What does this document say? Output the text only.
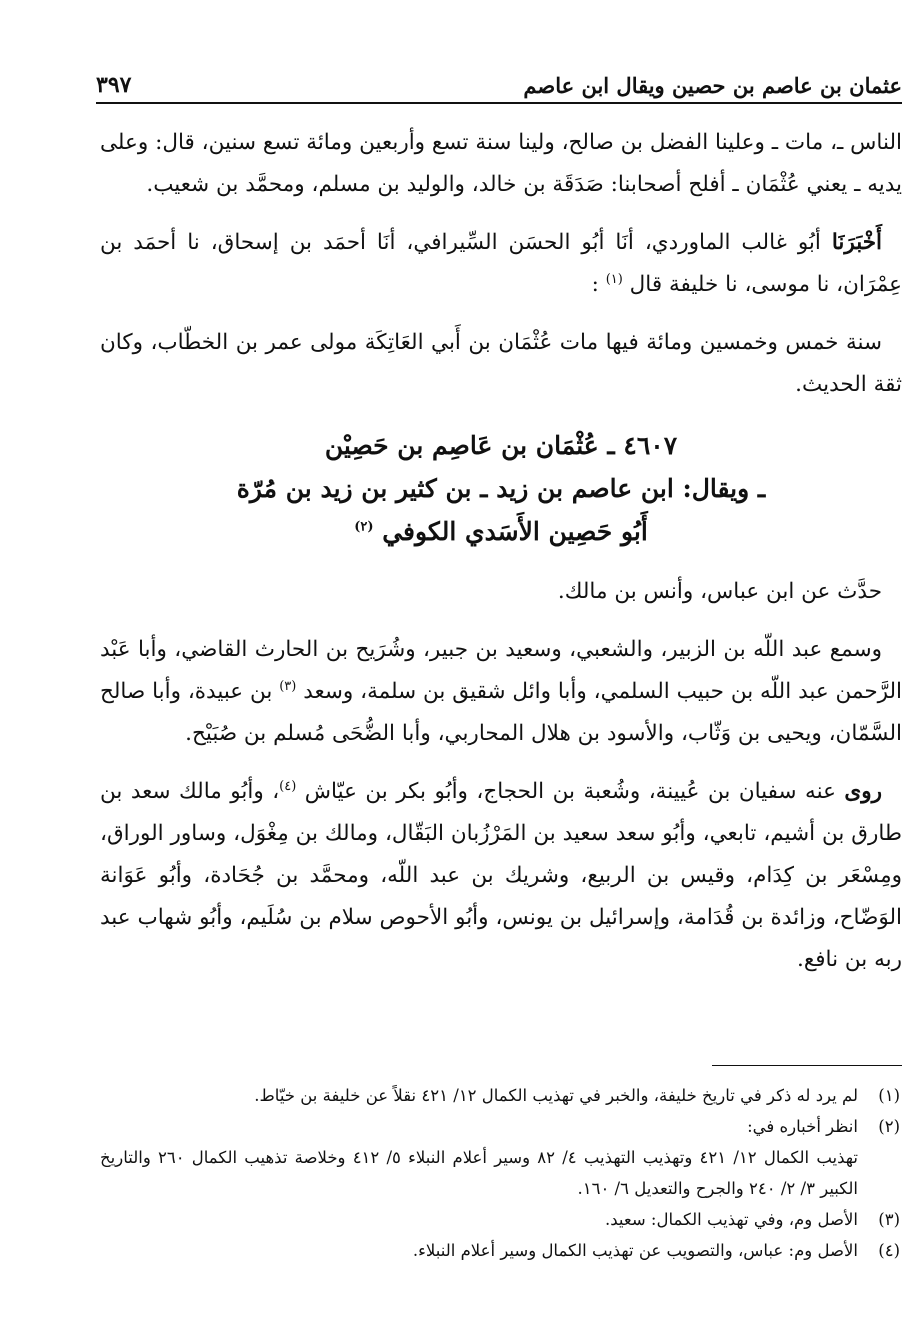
عثمان بن عاصم بن حصين ويقال ابن عاصم
٣٩٧

الناس ـ، مات ـ وعلينا الفضل بن صالح، ولينا سنة تسع وأربعين ومائة تسع سنين، قال: وعلى يديه ـ يعني عُثْمَان ـ أفلح أصحابنا: صَدَقَة بن خالد، والوليد بن مسلم، ومحمَّد بن شعيب.

أَخْبَرَنَا أبُو غالب الماوردي، أنَا أبُو الحسَن السِّيرافي، أنَا أحمَد بن إسحاق، نا أحمَد بن عِمْرَان، نا موسى، نا خليفة قال $^{(١)}$ :

سنة خمس وخمسين ومائة فيها مات عُثْمَان بن أَبي العَاتِكَة مولى عمر بن الخطّاب، وكان ثقة الحديث.

٤٦٠٧ ـ عُثْمَان بن عَاصِم بن حَصِيْن
ـ ويقال: ابن عاصم بن زيد ـ بن كثير بن زيد بن مُرّة
أَبُو حَصِين الأَسَدي الكوفي $^{(٢)}$

حدَّث عن ابن عباس، وأنس بن مالك.

وسمع عبد اللّه بن الزبير، والشعبي، وسعيد بن جبير، وشُرَيح بن الحارث القاضي، وأبا عَبْد الرَّحمن عبد اللّه بن حبيب السلمي، وأبا وائل شقيق بن سلمة، وسعد $^{(٣)}$ بن عبيدة، وأبا صالح السَّمّان، ويحيى بن وَثّاب، والأسود بن هلال المحاربي، وأبا الضُّحَى مُسلم بن صُبَيْح.

روى عنه سفيان بن عُيينة، وشُعبة بن الحجاج، وأبُو بكر بن عيّاش $^{(٤)}$، وأبُو مالك سعد بن طارق بن أشيم، تابعي، وأبُو سعد سعيد بن المَرْزُبان البَقّال، ومالك بن مِغْوَل، وساور الوراق، ومِسْعَر بن كِدَام، وقيس بن الربيع، وشريك بن عبد اللّه، ومحمَّد بن جُحَادة، وأبُو عَوَانة الوَضّاح، وزائدة بن قُدَامة، وإسرائيل بن يونس، وأبُو الأحوص سلام بن سُلَيم، وأبُو شهاب عبد ربه بن نافع.

(١)
لم يرد له ذكر في تاريخ خليفة، والخبر في تهذيب الكمال ١٢/ ٤٢١ نقلاً عن خليفة بن خيّاط.
(٢)
انظر أخباره في:
تهذيب الكمال ١٢/ ٤٢١ وتهذيب التهذيب ٤/ ٨٢ وسير أعلام النبلاء ٥/ ٤١٢ وخلاصة تذهيب الكمال ٢٦٠ والتاريخ الكبير ٣/ ٢/ ٢٤٠ والجرح والتعديل ٦/ ١٦٠.
(٣)
الأصل وم، وفي تهذيب الكمال: سعيد.
(٤)
الأصل وم: عباس، والتصويب عن تهذيب الكمال وسير أعلام النبلاء.
